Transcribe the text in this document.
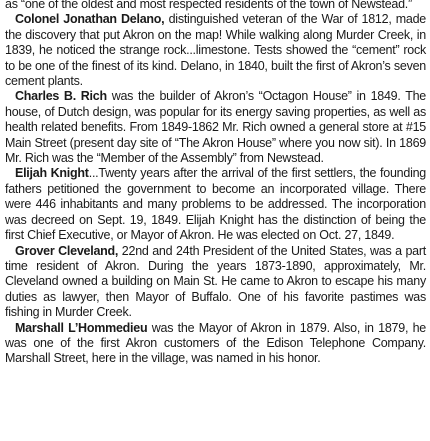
as “one of the oldest and most respected residents of the town of Newstead.”

Colonel Jonathan Delano, distinguished veteran of the War of 1812, made the discovery that put Akron on the map! While walking along Murder Creek, in 1839, he noticed the strange rock...limestone. Tests showed the “cement” rock to be one of the finest of its kind. Delano, in 1840, built the first of Akron’s seven cement plants.

Charles B. Rich was the builder of Akron’s “Octagon House” in 1849. The house, of Dutch design, was popular for its energy saving properties, as well as health related benefits. From 1849-1862 Mr. Rich owned a general store at #15 Main Street (present day site of “The Akron House” where you now sit). In 1869 Mr. Rich was the “Member of the Assembly” from Newstead.

Elijah Knight...Twenty years after the arrival of the first settlers, the founding fathers petitioned the government to become an incorporated village. There were 446 inhabitants and many problems to be addressed. The incorporation was decreed on Sept. 19, 1849. Elijah Knight has the distinction of being the first Chief Executive, or Mayor of Akron. He was elected on Oct. 27, 1849.

Grover Cleveland, 22nd and 24th President of the United States, was a part time resident of Akron. During the years 1873-1890, approximately, Mr. Cleveland owned a building on Main St. He came to Akron to escape his many duties as lawyer, then Mayor of Buffalo. One of his favorite pastimes was fishing in Murder Creek.

Marshall L’Hommedieu was the Mayor of Akron in 1879. Also, in 1879, he was one of the first Akron customers of the Edison Telephone Company. Marshall Street, here in the village, was named in his honor.
